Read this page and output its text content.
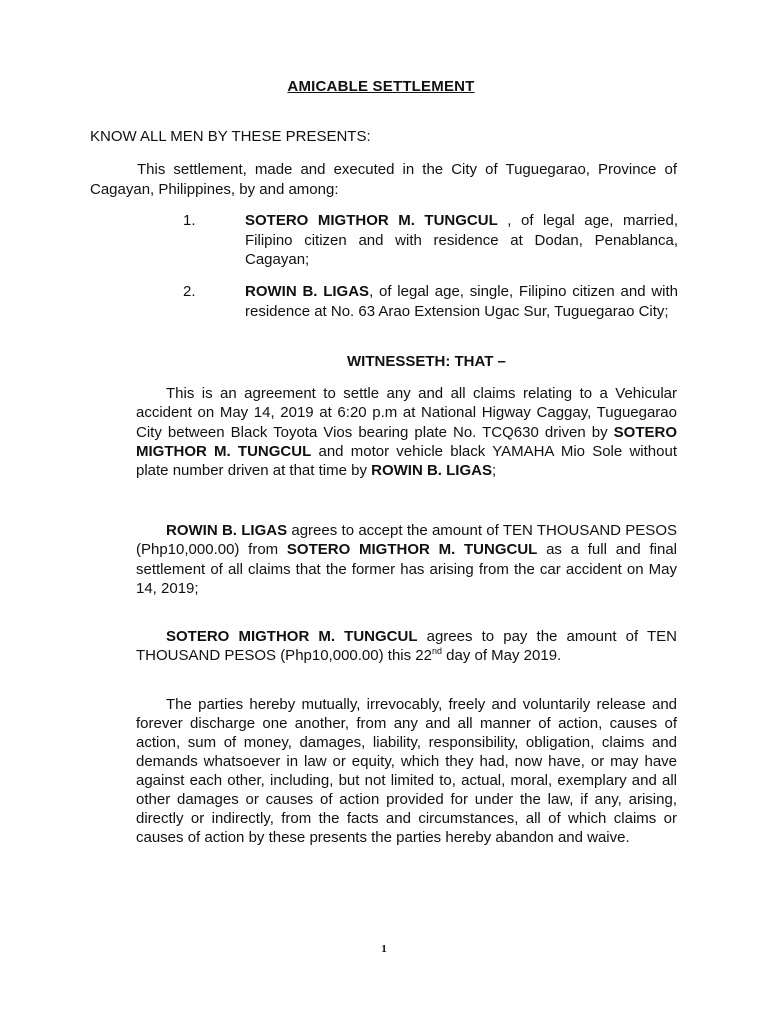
AMICABLE SETTLEMENT
KNOW ALL MEN BY THESE PRESENTS:
This settlement, made and executed in the City of Tuguegarao, Province of Cagayan, Philippines, by and among:
1.	SOTERO MIGTHOR M. TUNGCUL , of legal age, married, Filipino citizen and with residence at Dodan, Penablanca, Cagayan;
2.	ROWIN B. LIGAS, of legal age, single, Filipino citizen and with residence at No. 63 Arao Extension Ugac Sur, Tuguegarao City;
WITNESSETH: THAT –
This is an agreement to settle any and all claims relating to a Vehicular accident on May 14, 2019 at 6:20 p.m at National Higway Caggay, Tuguegarao City between Black Toyota Vios bearing plate No. TCQ630 driven by SOTERO MIGTHOR M. TUNGCUL and motor vehicle black YAMAHA Mio Sole without plate number driven at that time by ROWIN B. LIGAS;
ROWIN B. LIGAS agrees to accept the amount of TEN THOUSAND PESOS (Php10,000.00) from SOTERO MIGTHOR M. TUNGCUL as a full and final settlement of all claims that the former has arising from the car accident on May 14, 2019;
SOTERO MIGTHOR M. TUNGCUL agrees to pay the amount of TEN THOUSAND PESOS (Php10,000.00) this 22nd day of May 2019.
The parties hereby mutually, irrevocably, freely and voluntarily release and forever discharge one another, from any and all manner of action, causes of action, sum of money, damages, liability, responsibility, obligation, claims and demands whatsoever in law or equity, which they had, now have, or may have against each other, including, but not limited to, actual, moral, exemplary and all other damages or causes of action provided for under the law, if any, arising, directly or indirectly, from the facts and circumstances, all of which claims or causes of action by these presents the parties hereby abandon and waive.
1
